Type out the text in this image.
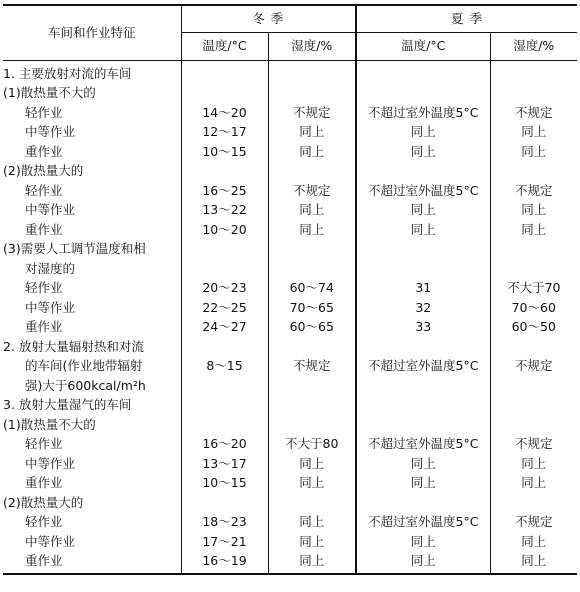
车间和作业特征	冬 季		夏 季	
	温度/°C	湿度/%	温度/°C	湿度/%
1. 主要放射对流的车间				
(1)散热量不大的				
轻作业	14～20	不规定	不超过室外温度5°C	不规定
中等作业	12～17	同上	同上	同上
重作业	10～15	同上	同上	同上
(2)散热量大的				
轻作业	16～25	不规定	不超过室外温度5°C	不规定
中等作业	13～22	同上	同上	同上
重作业	10～20	同上	同上	同上
(3)需要人工调节温度和相				
对湿度的				
轻作业	20～23	60～74	31	不大于70
中等作业	22～25	70～65	32	70～60
重作业	24～27	60～65	33	60～50
2. 放射大量辐射热和对流				
的车间(作业地带辐射	8～15	不规定	不超过室外温度5°C	不规定
强)大于600kcal/m²h				
3. 放射大量湿气的车间				
(1)散热量不大的				
轻作业	16～20	不大于80	不超过室外温度5°C	不规定
中等作业	13～17	同上	同上	同上
重作业	10～15	同上	同上	同上
(2)散热量大的				
轻作业	18～23	同上	不超过室外温度5°C	不规定
中等作业	17～21	同上	同上	同上
重作业	16～19	同上	同上	同上
